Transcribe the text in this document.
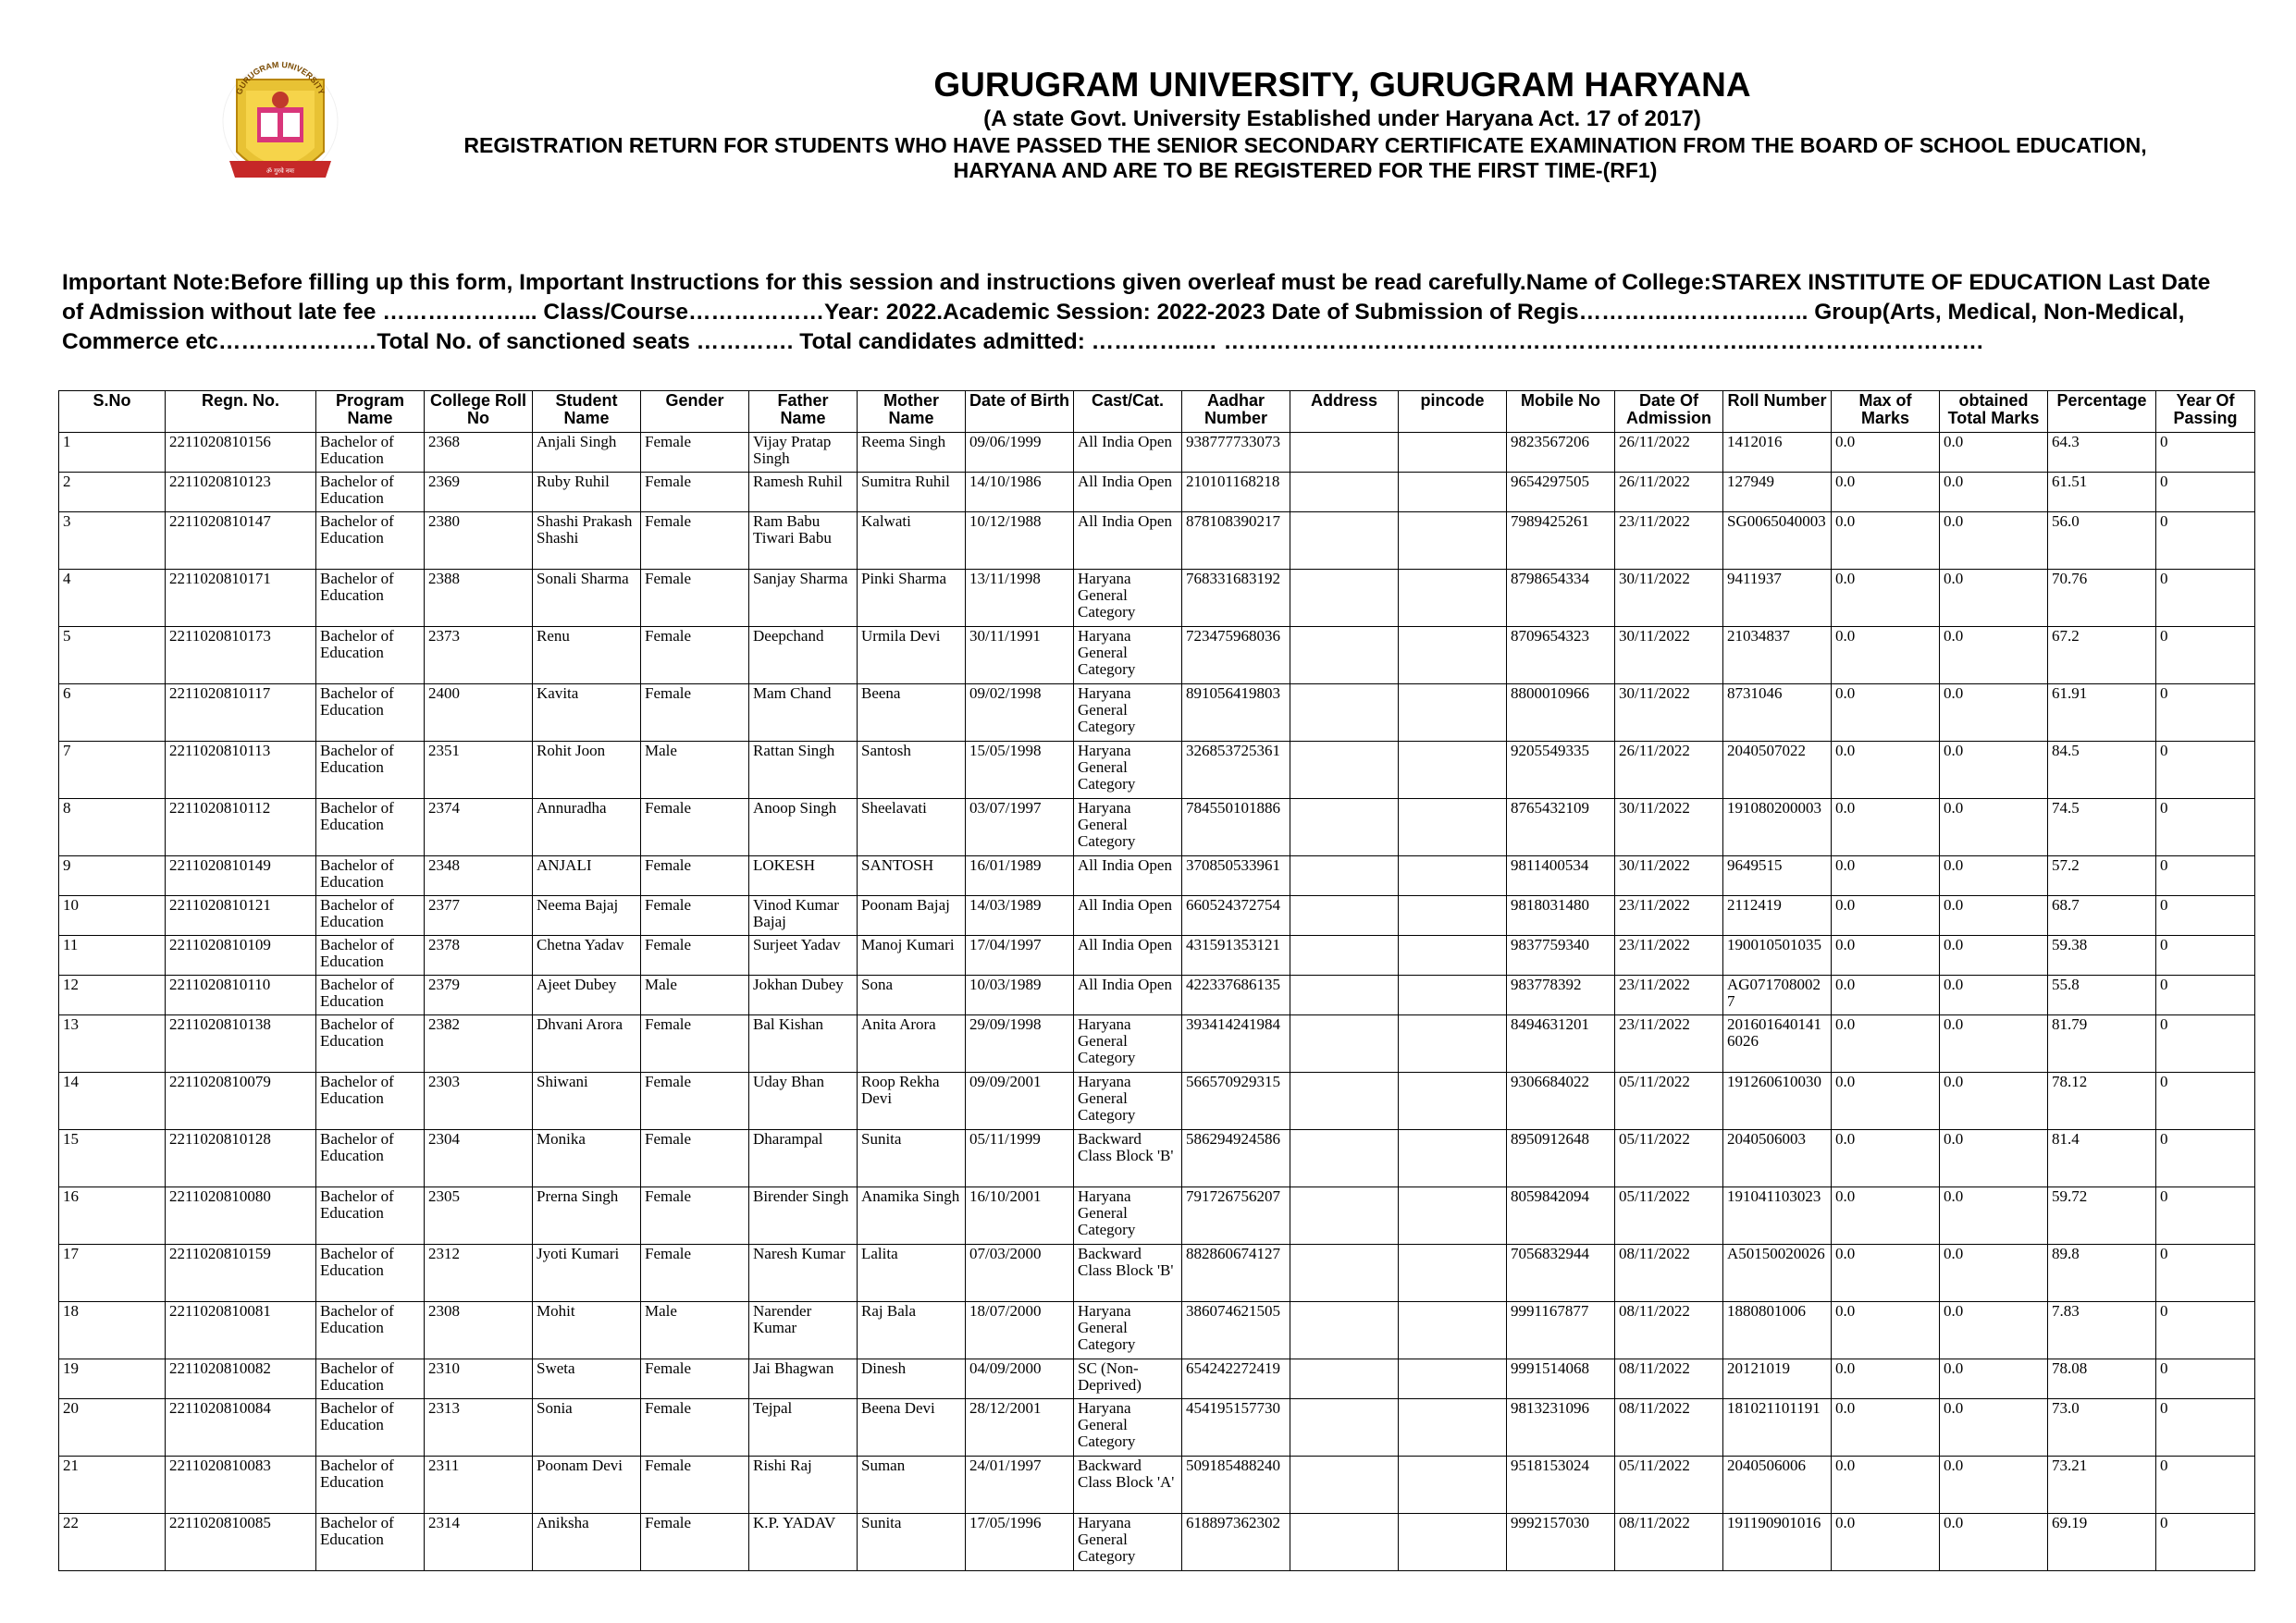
ॐ गुरवे नमः
GURUGRAM UNIVERSITY	GURUGRAM UNIVERSITY, GURUGRAM HARYANA
(A state Govt. University Established under Haryana Act. 17 of 2017)
REGISTRATION RETURN FOR STUDENTS WHO HAVE PASSED THE SENIOR SECONDARY CERTIFICATE EXAMINATION FROM THE BOARD OF SCHOOL EDUCATION,
HARYANA AND ARE TO BE REGISTERED FOR THE FIRST TIME-(RF1)
Important Note:Before filling up this form, Important Instructions for this session and instructions given overleaf must be read carefully.Name of College:STAREX INSTITUTE OF EDUCATION Last Date of Admission without late fee ………………... Class/Course………………Year: 2022.Academic Session: 2022-2023 Date of Submission of Regis………….………….….. Group(Arts, Medical, Non-Medical, Commerce etc…………………Total No. of sanctioned seats …………. Total candidates admitted: …………..… ……………………………………………………………..…………………………
S.No	Regn. No.	Program Name	College Roll No	Student Name	Gender	Father Name	Mother Name	Date of Birth	Cast/Cat.	Aadhar Number	Address	pincode	Mobile No	Date Of Admission	Roll Number	Max of Marks	obtained Total Marks	Percentage	Year Of Passing
1	2211020810156	Bachelor of Education	2368	Anjali Singh	Female	Vijay Pratap Singh	Reema Singh	09/06/1999	All India Open	938777733073			9823567206	26/11/2022	1412016	0.0	0.0	64.3	0
2	2211020810123	Bachelor of Education	2369	Ruby Ruhil	Female	Ramesh Ruhil	Sumitra Ruhil	14/10/1986	All India Open	210101168218			9654297505	26/11/2022	127949	0.0	0.0	61.51	0
3	2211020810147	Bachelor of Education	2380	Shashi Prakash Shashi	Female	Ram Babu Tiwari Babu	Kalwati	10/12/1988	All India Open	878108390217			7989425261	23/11/2022	SG0065040003	0.0	0.0	56.0	0
4	2211020810171	Bachelor of Education	2388	Sonali Sharma	Female	Sanjay Sharma	Pinki Sharma	13/11/1998	Haryana General Category	768331683192			8798654334	30/11/2022	9411937	0.0	0.0	70.76	0
5	2211020810173	Bachelor of Education	2373	Renu	Female	Deepchand	Urmila Devi	30/11/1991	Haryana General Category	723475968036			8709654323	30/11/2022	21034837	0.0	0.0	67.2	0
6	2211020810117	Bachelor of Education	2400	Kavita	Female	Mam Chand	Beena	09/02/1998	Haryana General Category	891056419803			8800010966	30/11/2022	8731046	0.0	0.0	61.91	0
7	2211020810113	Bachelor of Education	2351	Rohit Joon	Male	Rattan Singh	Santosh	15/05/1998	Haryana General Category	326853725361			9205549335	26/11/2022	2040507022	0.0	0.0	84.5	0
8	2211020810112	Bachelor of Education	2374	Annuradha	Female	Anoop Singh	Sheelavati	03/07/1997	Haryana General Category	784550101886			8765432109	30/11/2022	191080200003	0.0	0.0	74.5	0
9	2211020810149	Bachelor of Education	2348	ANJALI	Female	LOKESH	SANTOSH	16/01/1989	All India Open	370850533961			9811400534	30/11/2022	9649515	0.0	0.0	57.2	0
10	2211020810121	Bachelor of Education	2377	Neema Bajaj	Female	Vinod Kumar Bajaj	Poonam Bajaj	14/03/1989	All India Open	660524372754			9818031480	23/11/2022	2112419	0.0	0.0	68.7	0
11	2211020810109	Bachelor of Education	2378	Chetna Yadav	Female	Surjeet Yadav	Manoj Kumari	17/04/1997	All India Open	431591353121			9837759340	23/11/2022	190010501035	0.0	0.0	59.38	0
12	2211020810110	Bachelor of Education	2379	Ajeet Dubey	Male	Jokhan Dubey	Sona	10/03/1989	All India Open	422337686135			983778392	23/11/2022	AG0717080027	0.0	0.0	55.8	0
13	2211020810138	Bachelor of Education	2382	Dhvani Arora	Female	Bal Kishan	Anita Arora	29/09/1998	Haryana General Category	393414241984			8494631201	23/11/2022	2016016401416026	0.0	0.0	81.79	0
14	2211020810079	Bachelor of Education	2303	Shiwani	Female	Uday Bhan	Roop Rekha Devi	09/09/2001	Haryana General Category	566570929315			9306684022	05/11/2022	191260610030	0.0	0.0	78.12	0
15	2211020810128	Bachelor of Education	2304	Monika	Female	Dharampal	Sunita	05/11/1999	Backward Class Block 'B'	586294924586			8950912648	05/11/2022	2040506003	0.0	0.0	81.4	0
16	2211020810080	Bachelor of Education	2305	Prerna Singh	Female	Birender Singh	Anamika Singh	16/10/2001	Haryana General Category	791726756207			8059842094	05/11/2022	191041103023	0.0	0.0	59.72	0
17	2211020810159	Bachelor of Education	2312	Jyoti Kumari	Female	Naresh Kumar	Lalita	07/03/2000	Backward Class Block 'B'	882860674127			7056832944	08/11/2022	A50150020026	0.0	0.0	89.8	0
18	2211020810081	Bachelor of Education	2308	Mohit	Male	Narender Kumar	Raj Bala	18/07/2000	Haryana General Category	386074621505			9991167877	08/11/2022	1880801006	0.0	0.0	7.83	0
19	2211020810082	Bachelor of Education	2310	Sweta	Female	Jai Bhagwan	Dinesh	04/09/2000	SC (Non-Deprived)	654242272419			9991514068	08/11/2022	20121019	0.0	0.0	78.08	0
20	2211020810084	Bachelor of Education	2313	Sonia	Female	Tejpal	Beena Devi	28/12/2001	Haryana General Category	454195157730			9813231096	08/11/2022	181021101191	0.0	0.0	73.0	0
21	2211020810083	Bachelor of Education	2311	Poonam Devi	Female	Rishi Raj	Suman	24/01/1997	Backward Class Block 'A'	509185488240			9518153024	05/11/2022	2040506006	0.0	0.0	73.21	0
22	2211020810085	Bachelor of Education	2314	Aniksha	Female	K.P. YADAV	Sunita	17/05/1996	Haryana General Category	618897362302			9992157030	08/11/2022	191190901016	0.0	0.0	69.19	0
